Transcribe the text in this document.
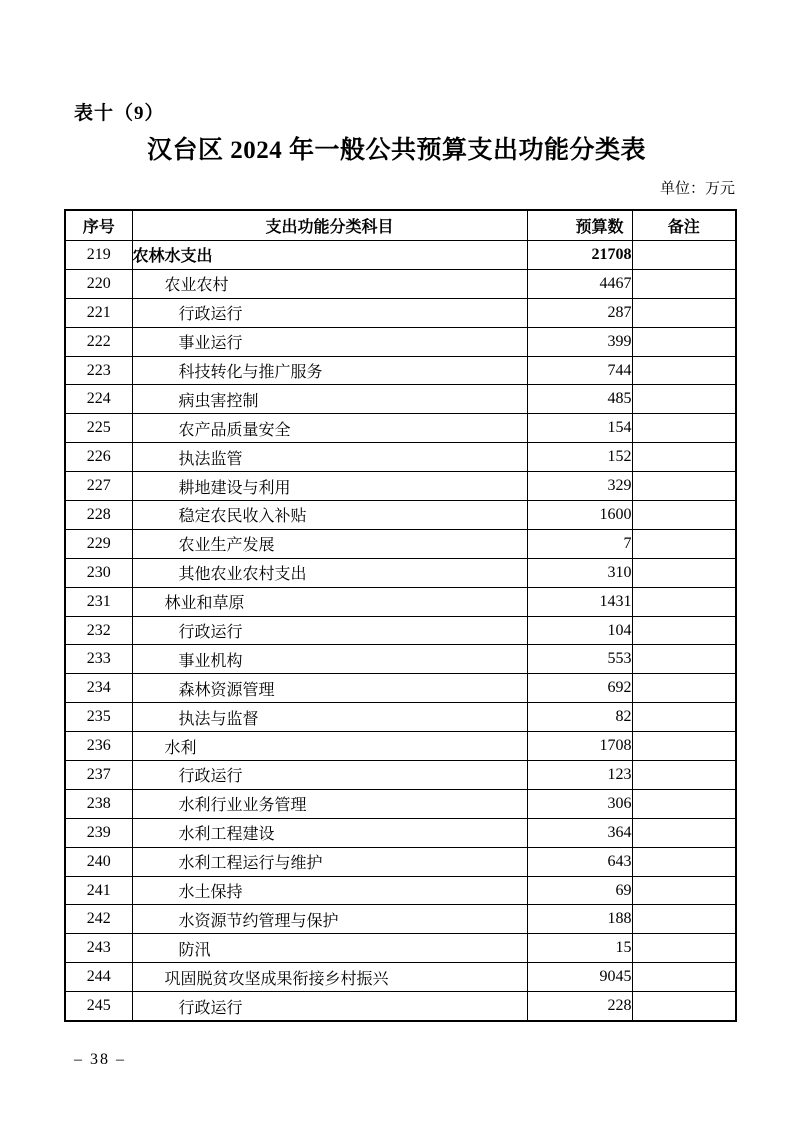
表十（9）
汉台区 2024 年一般公共预算支出功能分类表
单位：万元
序号	支出功能分类科目	预算数	备注
219	农林水支出	21708	
220	农业农村	4467	
221	行政运行	287	
222	事业运行	399	
223	科技转化与推广服务	744	
224	病虫害控制	485	
225	农产品质量安全	154	
226	执法监管	152	
227	耕地建设与利用	329	
228	稳定农民收入补贴	1600	
229	农业生产发展	7	
230	其他农业农村支出	310	
231	林业和草原	1431	
232	行政运行	104	
233	事业机构	553	
234	森林资源管理	692	
235	执法与监督	82	
236	水利	1708	
237	行政运行	123	
238	水利行业业务管理	306	
239	水利工程建设	364	
240	水利工程运行与维护	643	
241	水土保持	69	
242	水资源节约管理与保护	188	
243	防汛	15	
244	巩固脱贫攻坚成果衔接乡村振兴	9045	
245	行政运行	228	
– 38 –
